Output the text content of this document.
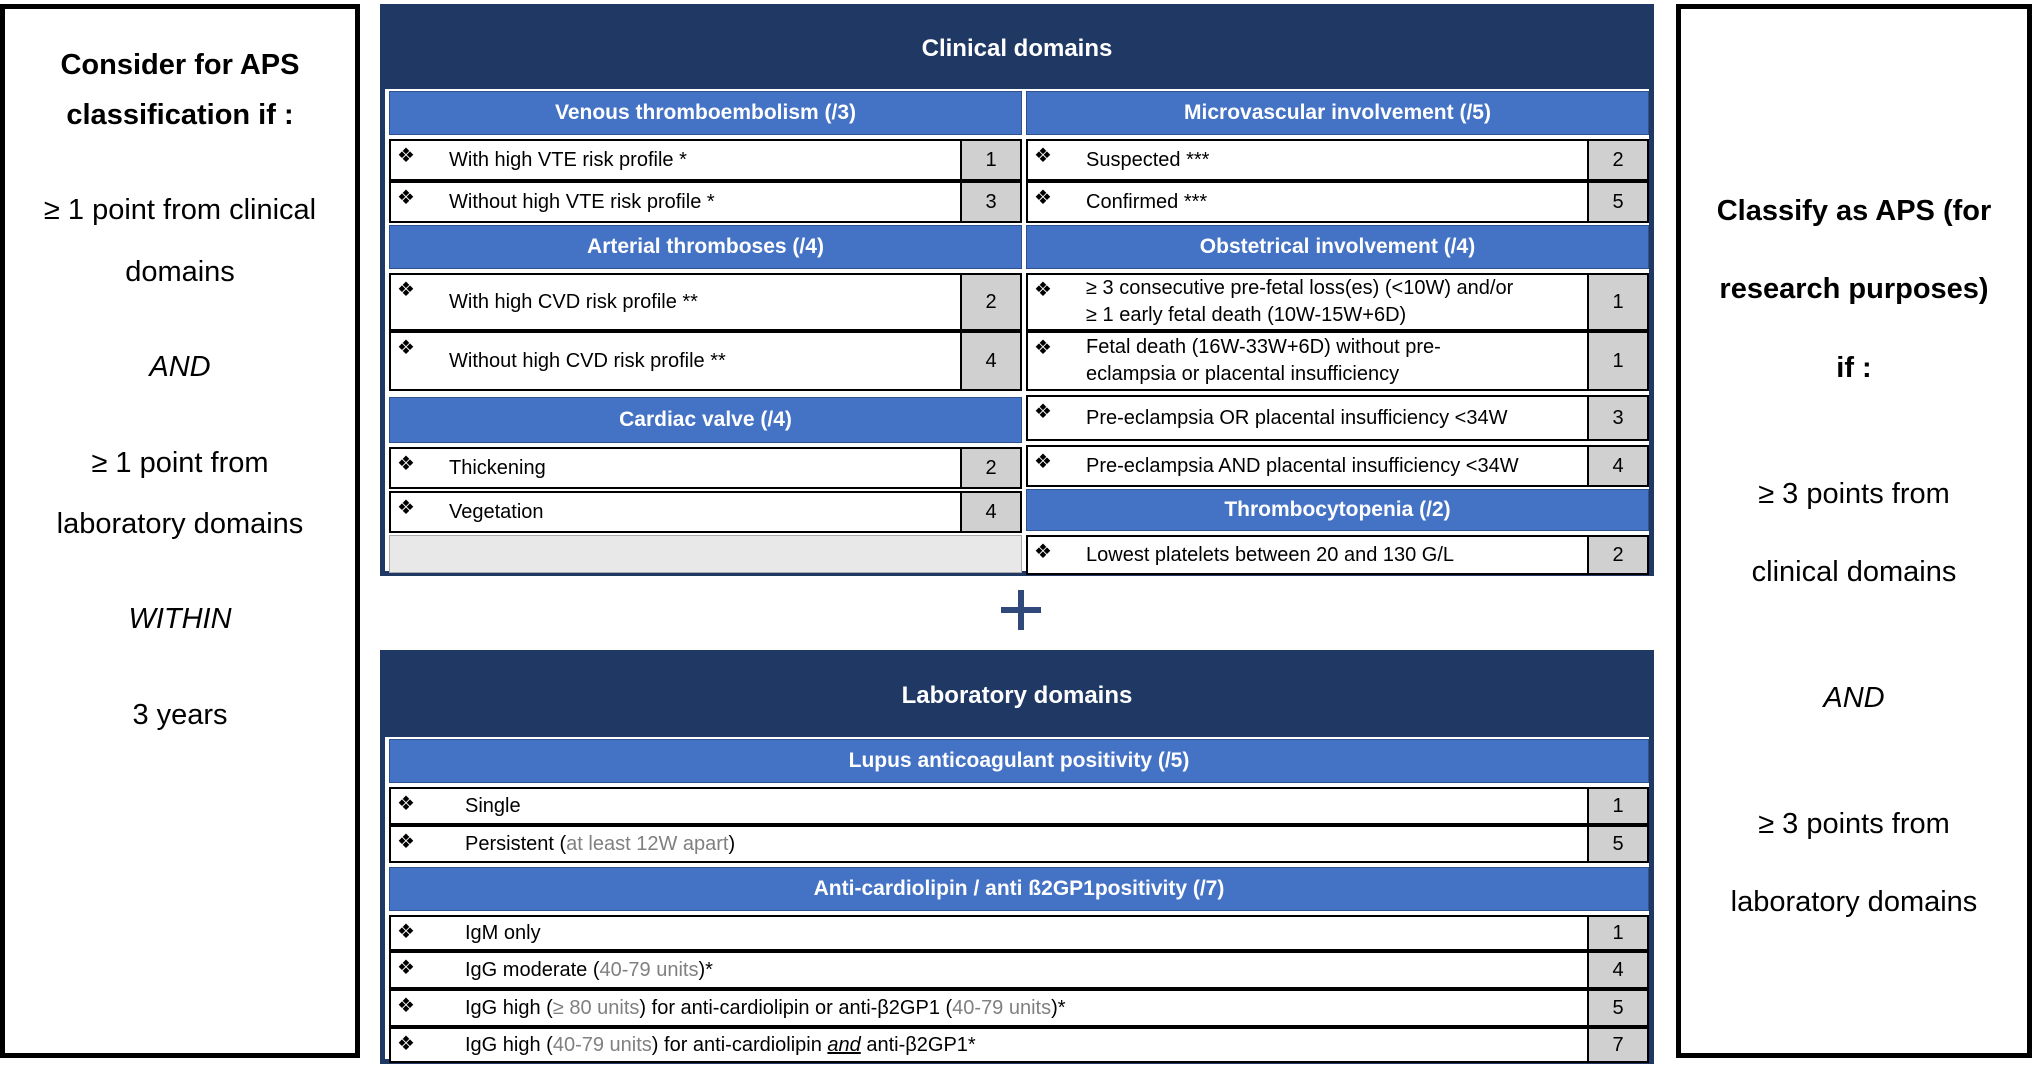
Consider for APS
classification if :
≥ 1 point from clinical
domains
AND
≥ 1 point from
laboratory domains
WITHIN
3 years
Classify as APS (for
research purposes)
if :
≥ 3 points from
clinical domains
AND
≥ 3 points from
laboratory domains
Clinical domains
Venous thromboembolism (/3)
❖ With high VTE risk profile *	1
❖ Without high VTE risk profile *	3
Arterial thromboses (/4)
❖
With high CVD risk profile **	2
❖
Without high CVD risk profile **	4
Cardiac valve (/4)
❖ Thickening	2
❖ Vegetation	4
Microvascular involvement (/5)
❖ Suspected ***	2
❖ Confirmed ***	5
Obstetrical involvement (/4)
❖ ≥ 3 consecutive pre-fetal loss(es) (<10W) and/or
≥ 1 early fetal death (10W-15W+6D)
1
❖ Fetal death (16W-33W+6D) without pre-
eclampsia or placental insufficiency
1
❖ Pre-eclampsia OR placental insufficiency <34W	3
❖ Pre-eclampsia AND placental insufficiency <34W	4
Thrombocytopenia (/2)
❖ Lowest platelets between 20 and 130 G/L	2
Laboratory domains
Lupus anticoagulant positivity (/5)
❖	Single	1
❖	Persistent (at least 12W apart)	5
Anti-cardiolipin / anti ß2GP1positivity (/7)
❖	IgM only	1
❖	IgG moderate (40-79 units)*	4
❖	IgG high (≥ 80 units) for anti-cardiolipin or anti-β2GP1 (40-79 units)*	5
❖	IgG high (40-79 units) for anti-cardiolipin and anti-β2GP1*	7
